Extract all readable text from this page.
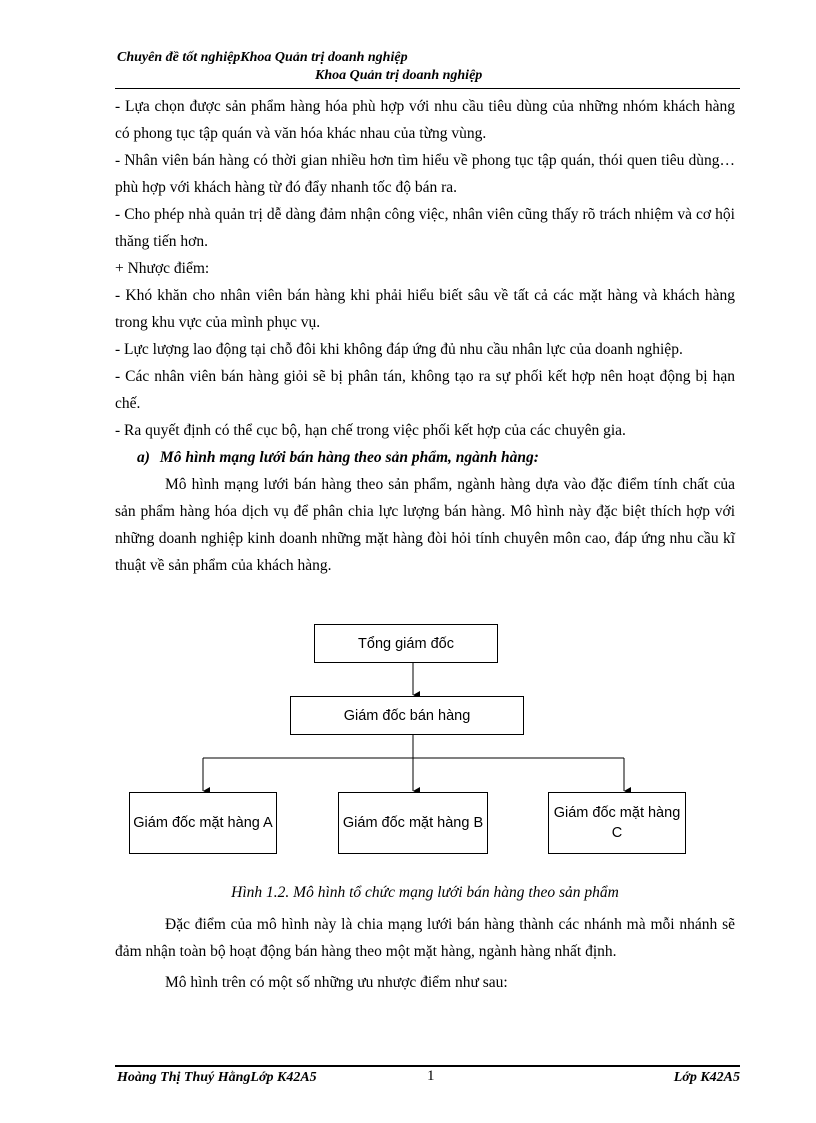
Chuyên đề tốt nghiệpKhoa Quản trị doanh nghiệp
Khoa Quản trị doanh nghiệp

- Lựa chọn được sản phẩm hàng hóa phù hợp với nhu cầu tiêu dùng của những nhóm khách hàng có phong tục tập quán và văn hóa khác nhau của từng vùng.

- Nhân viên bán hàng có thời gian nhiều hơn tìm hiểu về phong tục tập quán, thói quen tiêu dùng…phù hợp với khách hàng từ đó đẩy nhanh tốc độ bán ra.

- Cho phép nhà quản trị dễ dàng đảm nhận công việc, nhân viên cũng thấy rõ trách nhiệm và cơ hội thăng tiến hơn.

+ Nhược điểm:

- Khó khăn cho nhân viên bán hàng khi phải hiểu biết sâu về tất cả các mặt hàng và khách hàng trong khu vực của mình phục vụ.

- Lực lượng lao động tại chỗ đôi khi không đáp ứng đủ nhu cầu nhân lực của doanh nghiệp.

- Các nhân viên bán hàng giỏi sẽ bị phân tán, không tạo ra sự phối kết hợp nên hoạt động bị hạn chế.

- Ra quyết định có thể cục bộ, hạn chế trong việc phối kết hợp của các chuyên gia.

a) Mô hình mạng lưới bán hàng theo sản phẩm, ngành hàng:

Mô hình mạng lưới bán hàng theo sản phẩm, ngành hàng dựa vào đặc điểm tính chất của sản phẩm hàng hóa dịch vụ để phân chia lực lượng bán hàng. Mô hình này đặc biệt thích hợp với những doanh nghiệp kinh doanh những mặt hàng đòi hỏi tính chuyên môn cao, đáp ứng nhu cầu kĩ thuật về sản phẩm của khách hàng.

Tổng giám đốc
Giám đốc bán hàng
Giám đốc mặt hàng A	Giám đốc mặt hàng B
Giám đốc mặt hàng C
Hình 1.2. Mô hình tổ chức mạng lưới bán hàng theo sản phẩm

Đặc điểm của mô hình này là chia mạng lưới bán hàng thành các nhánh mà mỗi nhánh sẽ đảm nhận toàn bộ hoạt động bán hàng theo một mặt hàng, ngành hàng nhất định.

Mô hình trên có một số những ưu nhược điểm như sau:

Hoàng Thị Thuý HằngLớp K42A5	1	Lớp K42A5
